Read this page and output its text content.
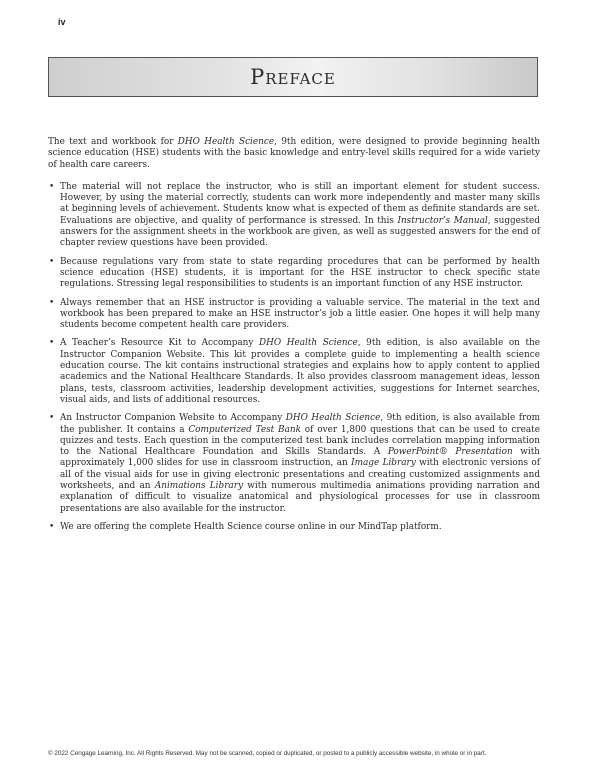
iv
Preface

The text and workbook for DHO Health Science, 9th edition, were designed to provide beginning health science education (HSE) students with the basic knowledge and entry-level skills required for a wide variety of health care careers.

• The material will not replace the instructor, who is still an important element for student success. However, by using the material correctly, students can work more independently and master many skills at beginning levels of achievement. Students know what is expected of them as definite standards are set. Evaluations are objective, and quality of performance is stressed. In this Instructor’s Manual, suggested answers for the assignment sheets in the workbook are given, as well as suggested answers for the end of chapter review questions have been provided.
• Because regulations vary from state to state regarding procedures that can be performed by health science education (HSE) students, it is important for the HSE instructor to check specific state regulations. Stressing legal responsibilities to students is an important function of any HSE instructor.
• Always remember that an HSE instructor is providing a valuable service. The material in the text and workbook has been prepared to make an HSE instructor’s job a little easier. One hopes it will help many students become competent health care providers.
• A Teacher’s Resource Kit to Accompany DHO Health Science, 9th edition, is also available on the Instructor Companion Website. This kit provides a complete guide to implementing a health science education course. The kit contains instructional strategies and explains how to apply content to applied academics and the National Healthcare Standards. It also provides classroom management ideas, lesson plans, tests, classroom activities, leadership development activities, suggestions for Internet searches, visual aids, and lists of additional resources.
• An Instructor Companion Website to Accompany DHO Health Science, 9th edition, is also available from the publisher. It contains a Computerized Test Bank of over 1,800 questions that can be used to create quizzes and tests. Each question in the computerized test bank includes correlation mapping information to the National Healthcare Foundation and Skills Standards. A PowerPoint® Presentation with approximately 1,000 slides for use in classroom instruction, an Image Library with electronic versions of all of the visual aids for use in giving electronic presentations and creating customized assignments and worksheets, and an Animations Library with numerous multimedia animations providing narration and explanation of difficult to visualize anatomical and physiological processes for use in classroom presentations are also available for the instructor.
• We are offering the complete Health Science course online in our MindTap platform.
© 2022 Cengage Learning, Inc. All Rights Reserved. May not be scanned, copied or duplicated, or posted to a publicly accessible website, in whole or in part.
